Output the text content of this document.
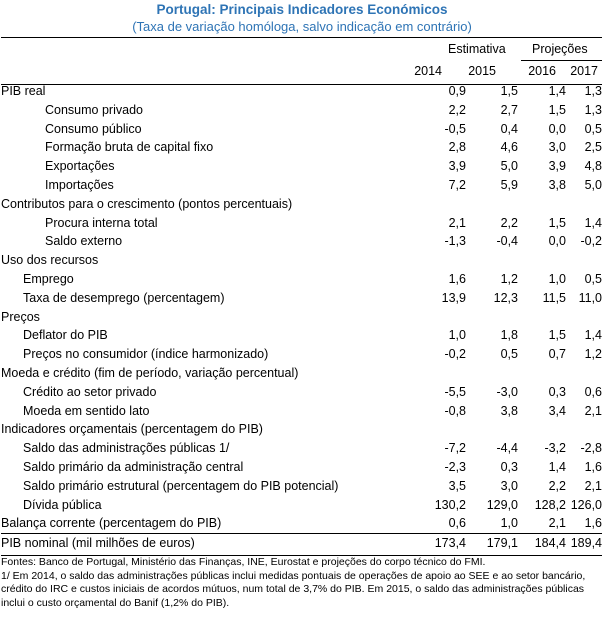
Portugal: Principais Indicadores Económicos
(Taxa de variação homóloga, salvo indicação em contrário)
Estimativa Projeções
2014	2015	2016	2017
PIB real	0,9	1,5	1,4	1,3
Consumo privado	2,2	2,7	1,5	1,3
Consumo público	-0,5	0,4	0,0	0,5
Formação bruta de capital fixo	2,8	4,6	3,0	2,5
Exportações	3,9	5,0	3,9	4,8
Importações	7,2	5,9	3,8	5,0
Contributos para o crescimento (pontos percentuais)				
Procura interna total	2,1	2,2	1,5	1,4
Saldo externo	-1,3	-0,4	0,0	-0,2
Uso dos recursos				
Emprego	1,6	1,2	1,0	0,5
Taxa de desemprego (percentagem)	13,9	12,3	11,5	11,0
Preços				
Deflator do PIB	1,0	1,8	1,5	1,4
Preços no consumidor (índice harmonizado)	-0,2	0,5	0,7	1,2
Moeda e crédito (fim de período, variação percentual)				
Crédito ao setor privado	-5,5	-3,0	0,3	0,6
Moeda em sentido lato	-0,8	3,8	3,4	2,1
Indicadores orçamentais (percentagem do PIB)				
Saldo das administrações públicas 1/	-7,2	-4,4	-3,2	-2,8
Saldo primário da administração central	-2,3	0,3	1,4	1,6
Saldo primário estrutural (percentagem do PIB potencial)	3,5	3,0	2,2	2,1
Dívida pública	130,2	129,0	128,2	126,0
Balança corrente (percentagem do PIB)	0,6	1,0	2,1	1,6
PIB nominal (mil milhões de euros)	173,4	179,1	184,4	189,4
Fontes: Banco de Portugal, Ministério das Finanças, INE, Eurostat e projeções do corpo técnico do FMI.
1/ Em 2014, o saldo das administrações públicas inclui medidas pontuais de operações de apoio ao SEE e ao setor bancário, crédito do IRC e custos iniciais de acordos mútuos, num total de 3,7% do PIB. Em 2015, o saldo das administrações públicas inclui o custo orçamental do Banif (1,2% do PIB).
